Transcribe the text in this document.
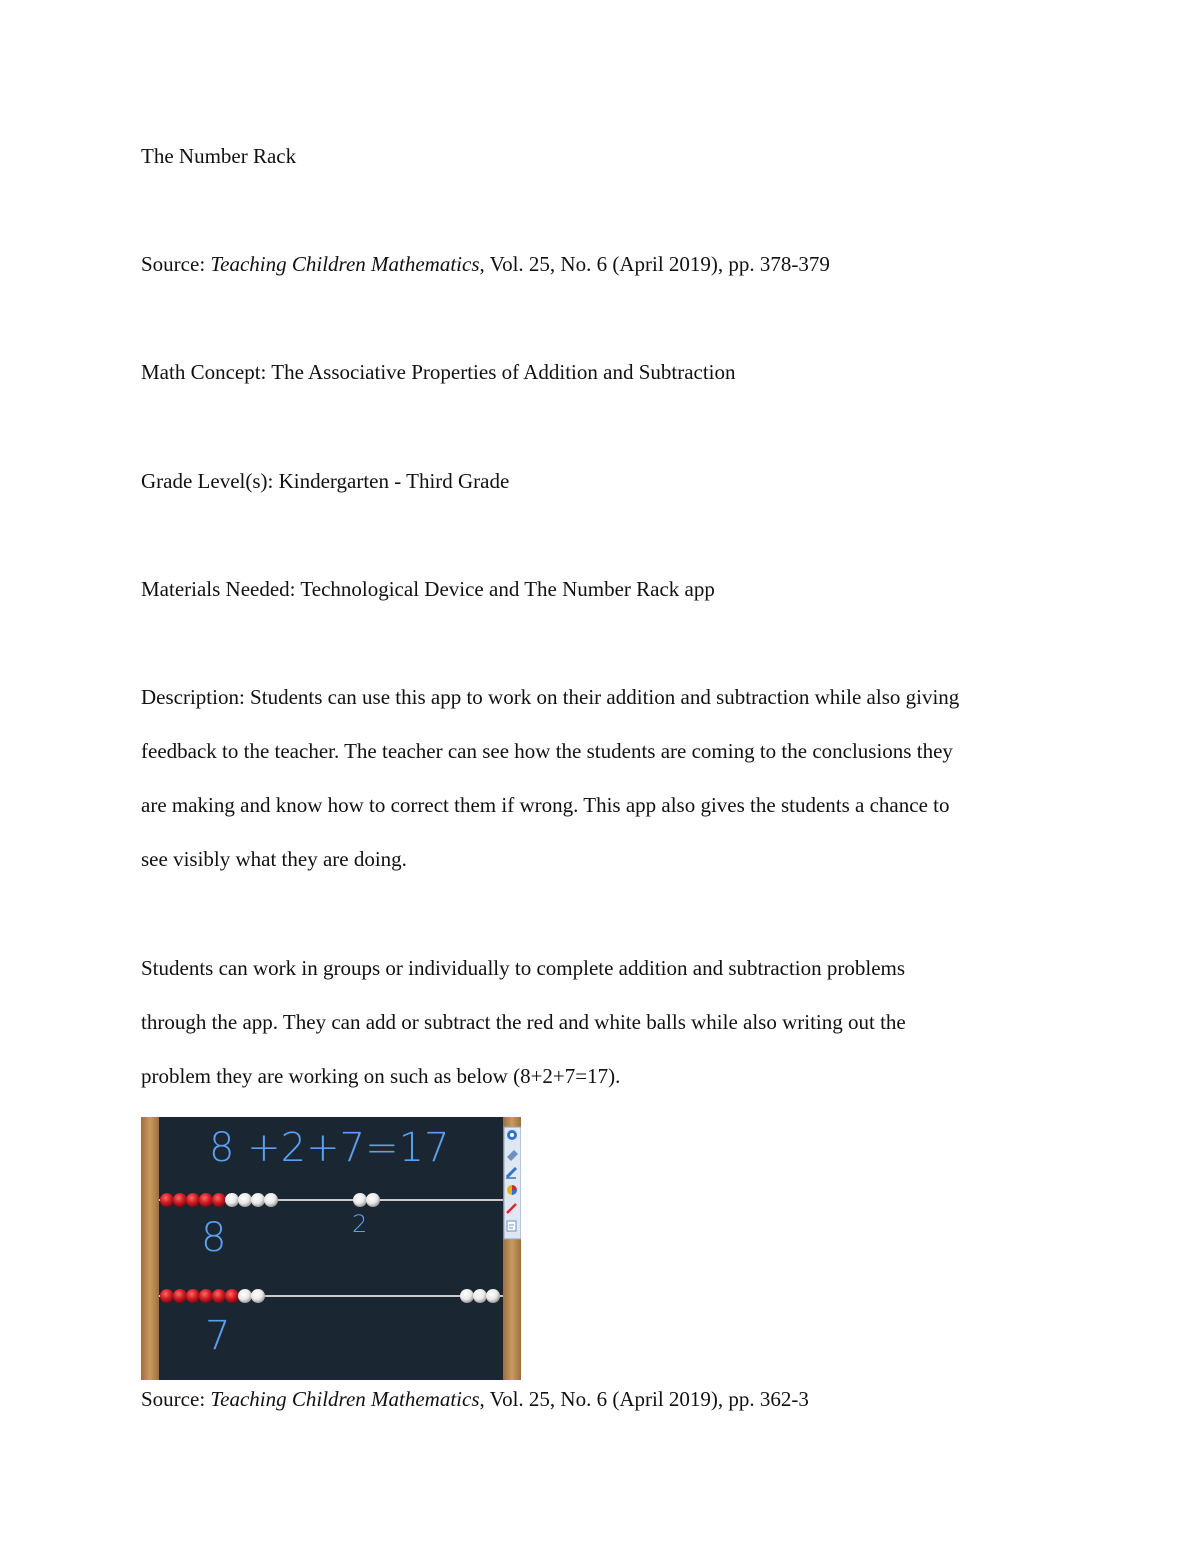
The Number Rack
Source: Teaching Children Mathematics, Vol. 25, No. 6 (April 2019), pp. 378-379
Math Concept: The Associative Properties of Addition and Subtraction
Grade Level(s): Kindergarten - Third Grade
Materials Needed: Technological Device and The Number Rack app
Description: Students can use this app to work on their addition and subtraction while also giving
feedback to the teacher. The teacher can see how the students are coming to the conclusions they
are making and know how to correct them if wrong. This app also gives the students a chance to
see visibly what they are doing.
Students can work in groups or individually to complete addition and subtraction problems
through the app. They can add or subtract the red and white balls while also writing out the
problem they are working on such as below (8+2+7=17).
8 +2+7=17
8	2
7
Source: Teaching Children Mathematics, Vol. 25, No. 6 (April 2019), pp. 362-3
